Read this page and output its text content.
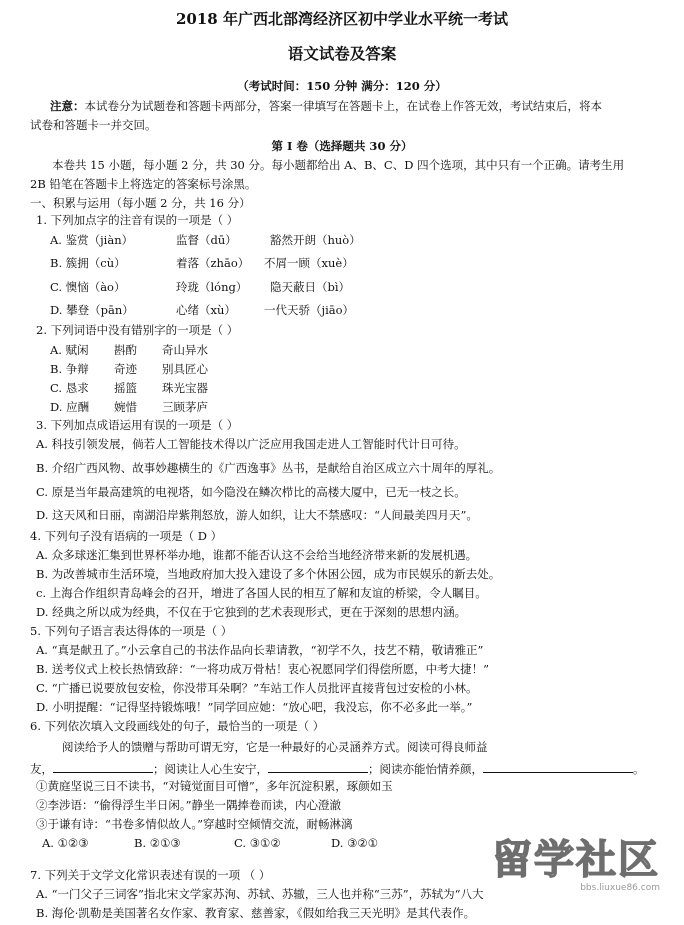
2018 年广西北部湾经济区初中学业水平统一考试
语文试卷及答案
（考试时间：150 分钟 满分：120 分）
注意：本试卷分为试题卷和答题卡两部分，答案一律填写在答题卡上，在试卷上作答无效，考试结束后，将本
试卷和答题卡一并交回。
第 I 卷（选择题共 30 分）
本卷共 15 小题，每小题 2 分，共 30 分。每小题都给出 A、B、C、D 四个选项，其中只有一个正确。请考生用
2B 铅笔在答题卡上将选定的答案标号涂黑。
一、积累与运用（每小题 2 分，共 16 分）
1. 下列加点字的注音有误的一项是（ ）
A. 鉴赏（jiàn）	监督（dū）	豁然开朗（huò）
B. 簇拥（cù）	着落（zhāo） 不屑一顾（xuè）
C. 懊恼（ào）	玲珑（lóng） 隐天蔽日（bì）
D. 攀登（pān）	心绪（xù） 一代天骄（jiāo）
2. 下列词语中没有错别字的一项是（ ）
A. 赋闲 斟酌 奇山异水
B. 争辩 奇迹 别具匠心
C. 恳求 摇篮 珠光宝器
D. 应酬 婉惜 三顾茅庐
3. 下列加点成语运用有误的一项是（ ）
A. 科技引领发展，倘若人工智能技术得以广泛应用我国走进人工智能时代计日可待。
B. 介绍广西风物、故事妙趣横生的《广西逸事》丛书，是献给自治区成立六十周年的厚礼。
C. 原是当年最高建筑的电视塔，如今隐没在鳞次栉比的高楼大厦中，已无一枝之长。
D. 这天风和日丽，南湖沿岸紫荆怒放，游人如织，让大不禁感叹：“人间最美四月天”。
4. 下列句子没有语病的一项是（ D ）
A. 众多球迷汇集到世界杯举办地，谁都不能否认这不会给当地经济带来新的发展机遇。
B. 为改善城市生活环境，当地政府加大投入建设了多个休困公园，成为市民娱乐的新去处。
c. 上海合作组织青岛峰会的召开，增进了各国人民的相互了解和友谊的桥梁，令人瞩目。
D. 经典之所以成为经典，不仅在于它独到的艺术表现形式，更在于深刻的思想内涵。
5. 下列句子语言表达得体的一项是（ ）
A. “真是献丑了。”小云拿自己的书法作品向长辈请教，“初学不久，技艺不精，敬请雅正”
B. 送考仪式上校长热情致辞：“一将功成万骨枯！衷心祝愿同学们得偿所愿，中考大捷！”
C. “广播已说要放包安检，你没带耳朵啊？”车站工作人员批评直接背包过安检的小林。
D. 小明提醒：“记得坚持锻炼哦！”同学回应她：“放心吧，我没忘，你不必多此一举。”
6. 下列依次填入文段画线处的句子，最恰当的一项是（ ）
阅读给予人的馈赠与帮助可谓无穷，它是一种最好的心灵涵养方式。阅读可得良师益
友，	；阅读让人心生安宁，	；阅读亦能怡情养颜，	。
①黄庭坚说三日不读书，“对镜觉面目可憎”，多年沉淀积累，琢颜如玉
②李涉语：“偷得浮生半日闲。”静坐一隅捧卷而读，内心澄澈
③于谦有诗：“书卷多情似故人。”穿越时空倾情交流，耐畅淋漓
A. ①②③	B. ②①③	C. ③①②	D. ③②①
7. 下列关于文学文化常识表述有误的一项 （ ）
A. “一门父子三词客”指北宋文学家苏洵、苏轼、苏辙，三人也并称“三苏”，苏轼为“八大
B. 海伦·凯勒是美国著名女作家、教育家、慈善家，《假如给我三天光明》是其代表作。
留学社区
bbs.liuxue86.com
